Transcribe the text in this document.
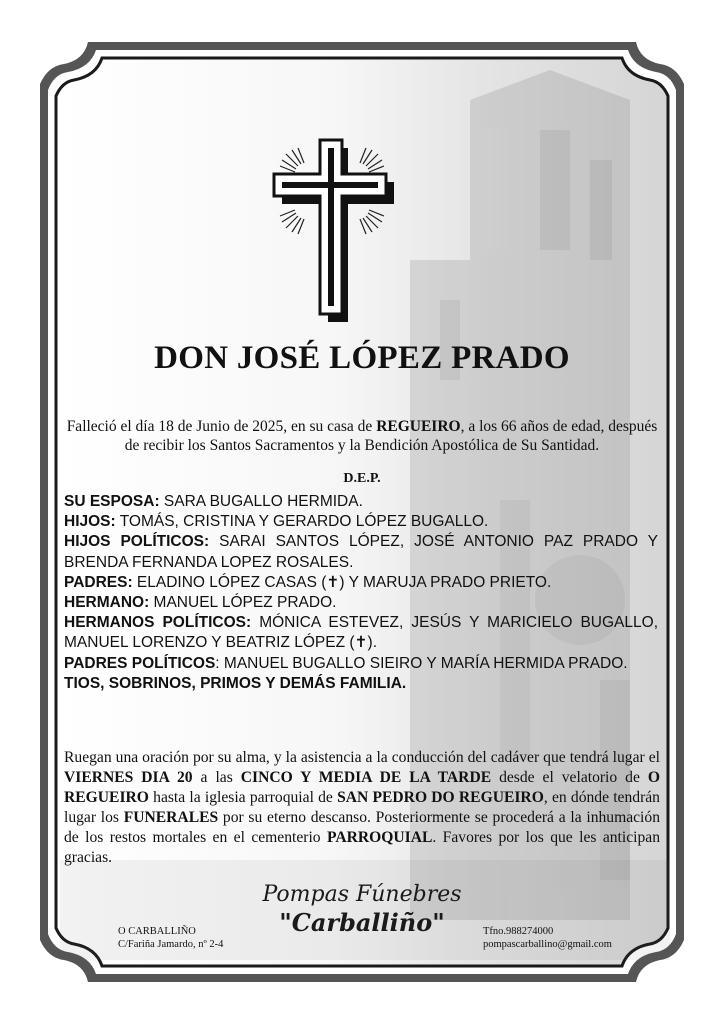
DON JOSÉ LÓPEZ PRADO
Falleció el día 18 de Junio de 2025, en su casa de REGUEIRO, a los 66 años de edad, después de recibir los Santos Sacramentos y la Bendición Apostólica de Su Santidad.
D.E.P.

SU ESPOSA: SARA BUGALLO HERMIDA.

HIJOS: TOMÁS, CRISTINA Y GERARDO LÓPEZ BUGALLO.

HIJOS POLÍTICOS: SARAI SANTOS LÓPEZ, JOSÉ ANTONIO PAZ PRADO Y BRENDA FERNANDA LOPEZ ROSALES.

PADRES: ELADINO LÓPEZ CASAS (✝) Y MARUJA PRADO PRIETO.

HERMANO: MANUEL LÓPEZ PRADO.

HERMANOS POLÍTICOS: MÓNICA ESTEVEZ, JESÚS Y MARICIELO BUGALLO, MANUEL LORENZO Y BEATRIZ LÓPEZ (✝).

PADRES POLÍTICOS: MANUEL BUGALLO SIEIRO Y MARÍA HERMIDA PRADO.

TIOS, SOBRINOS, PRIMOS Y DEMÁS FAMILIA.

Ruegan una oración por su alma, y la asistencia a la conducción del cadáver que tendrá lugar el VIERNES DIA 20 a las CINCO Y MEDIA DE LA TARDE desde el velatorio de O REGUEIRO hasta la iglesia parroquial de SAN PEDRO DO REGUEIRO, en dónde tendrán lugar los FUNERALES por su eterno descanso. Posteriormente se procederá a la inhumación de los restos mortales en el cementerio PARROQUIAL. Favores por los que les anticipan gracias.

O CARBALLIÑO
C/Fariña Jamardo, nº 2-4
Pompas Fúnebres
"Carballiño"	Tfno.988274000
pompascarballino@gmail.com
